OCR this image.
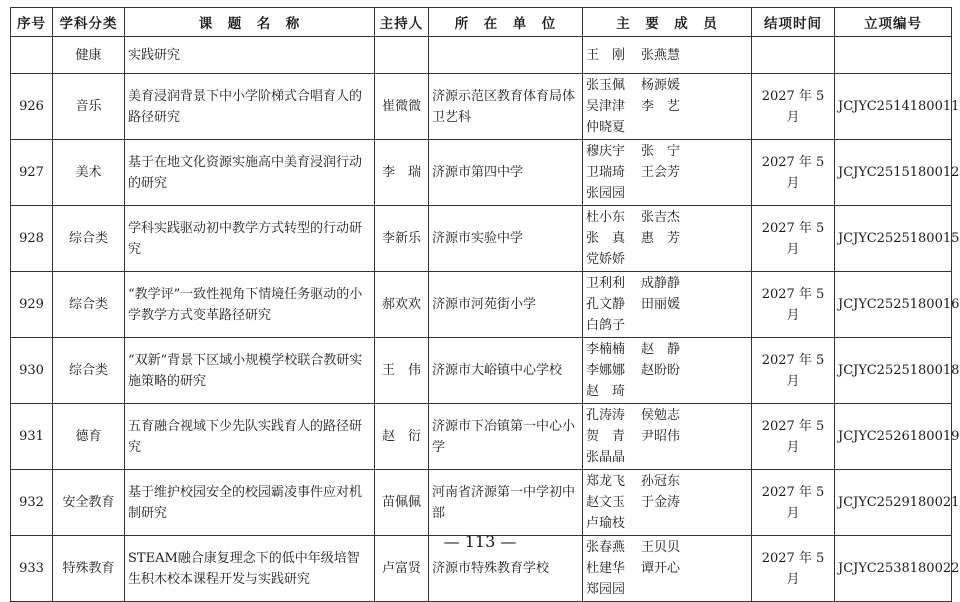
序号	学科分类	课　题　名　称	主持人	所　在　单　位	主　要　成　员	结项时间	立项编号
	健康	实践研究			王　刚 张燕慧		

926	音乐	美育浸润背景下中小学阶梯式合唱育人的路径研究	崔微微	济源示范区教育体育局体卫艺科	张玉佩 杨源媛
吴津津 李　艺
仲晓夏	2027 年 5 月	JCJYC2514180011
927	美术	基于在地文化资源实施高中美育浸润行动的研究	李　瑞	济源市第四中学	穆庆宇 张　宁
卫瑞琦 王会芳
张园园	2027 年 5 月	JCJYC2515180012
928	综合类	学科实践驱动初中教学方式转型的行动研究	李新乐	济源市实验中学	杜小东 张吉杰
张　真 惠　芳
党娇娇	2027 年 5 月	JCJYC2525180015
929	综合类	“教学评”一致性视角下情境任务驱动的小学教学方式变革路径研究	郝欢欢	济源市河苑街小学	卫利利 成静静
孔文静 田丽媛
白鸽子	2027 年 5 月	JCJYC2525180016
930	综合类	“双新”背景下区域小规模学校联合教研实施策略的研究	王　伟	济源市大峪镇中心学校	李楠楠 赵　静
李娜娜 赵盼盼
赵　琦	2027 年 5 月	JCJYC2525180018
931	德育	五育融合视域下少先队实践育人的路径研究	赵　衍	济源市下冶镇第一中心小学	孔涛涛 侯勉志
贺　青 尹昭伟
张晶晶	2027 年 5 月	JCJYC2526180019
932	安全教育	基于维护校园安全的校园霸凌事件应对机制研究	苗佩佩	河南省济源第一中学初中部	郑龙飞 孙冠东
赵文玉 于金涛
卢瑜枝	2027 年 5 月	JCJYC2529180021
933	特殊教育	STEAM融合康复理念下的低中年级培智生积木校本课程开发与实践研究	卢富贤	济源市特殊教育学校	张春燕 王贝贝
杜建华 谭开心
郑园园	2027 年 5 月	JCJYC2538180022
— 113 —
